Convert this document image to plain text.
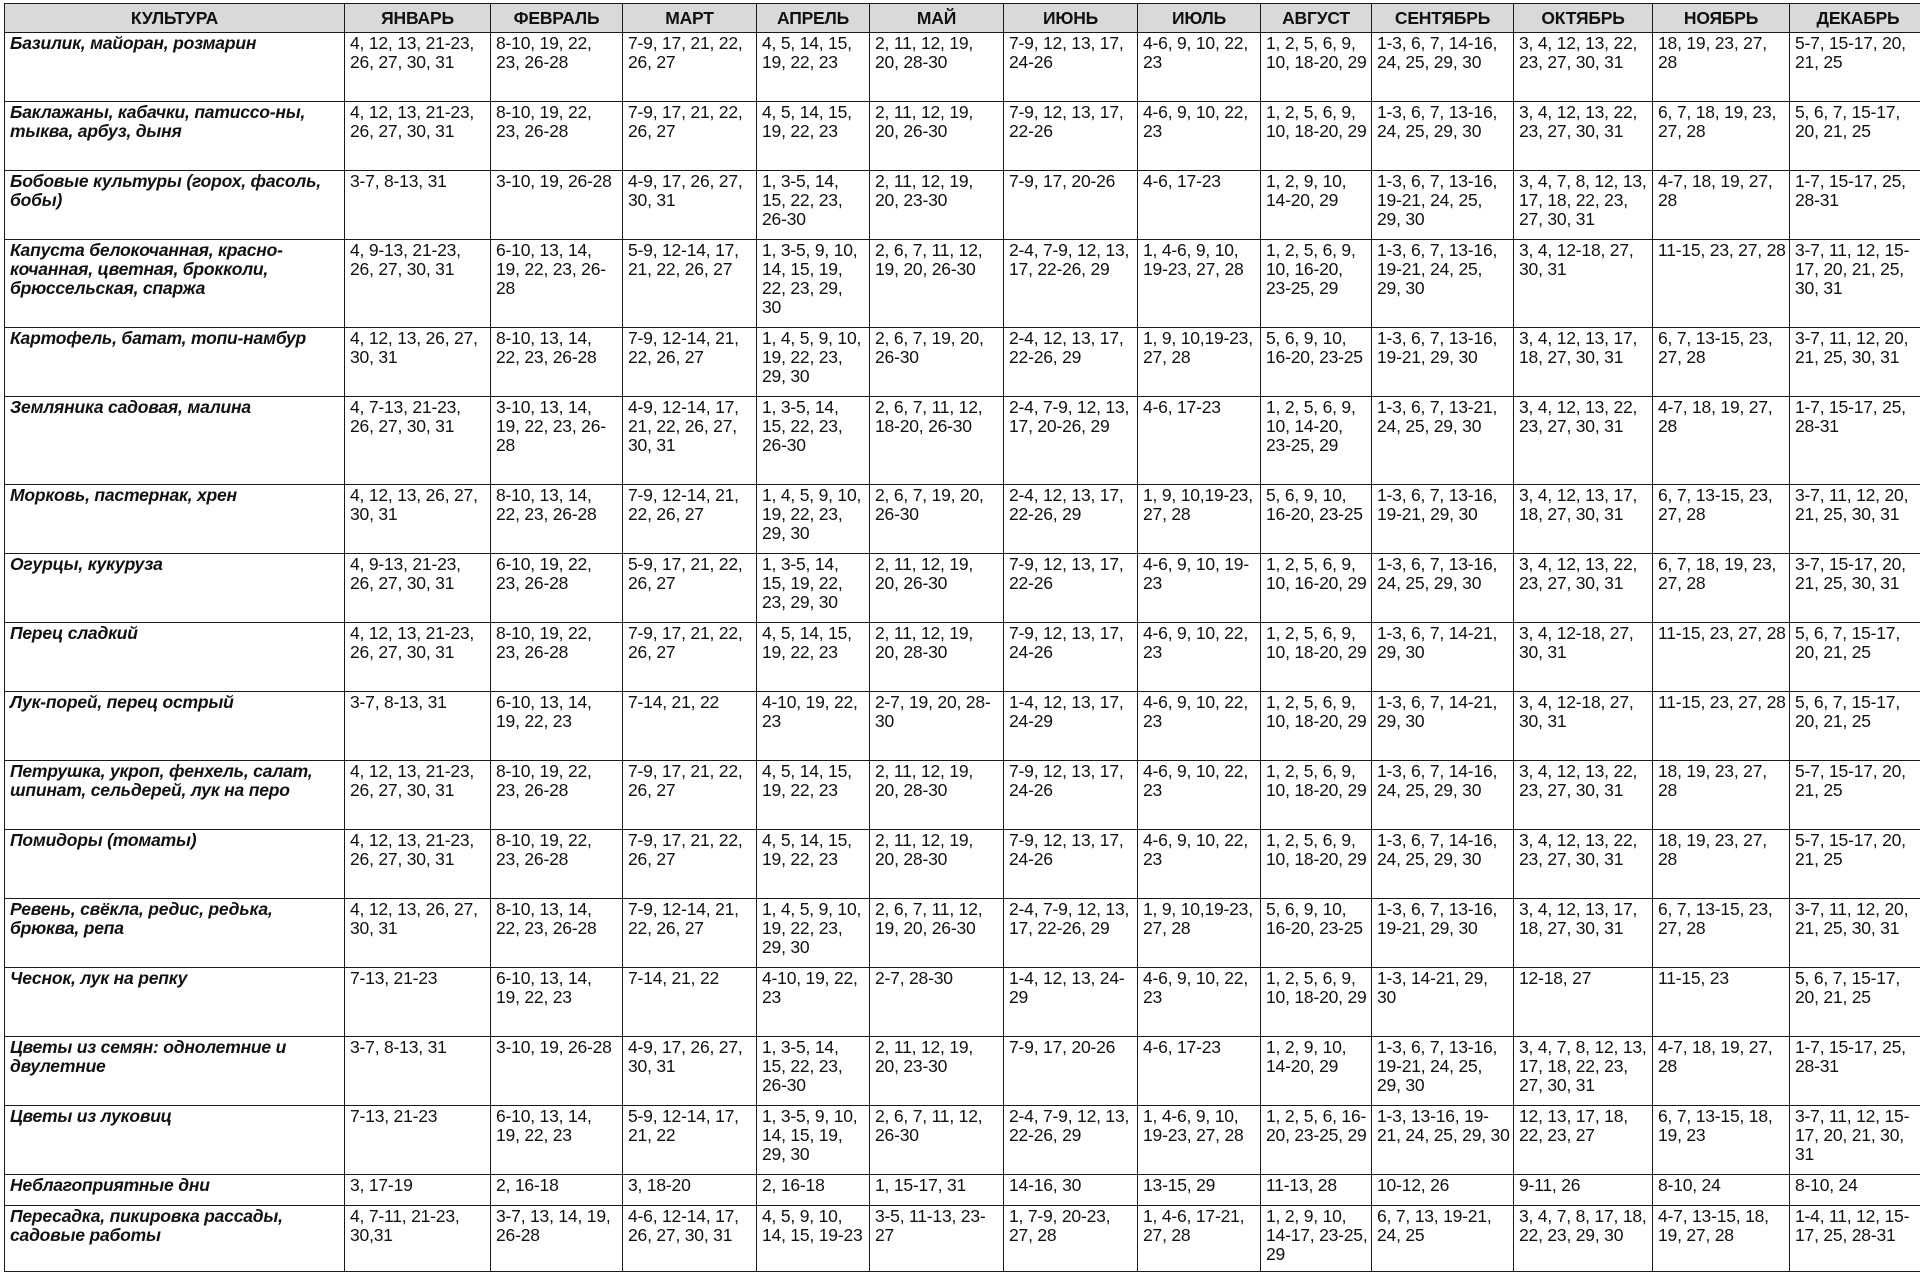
КУЛЬТУРА	ЯНВАРЬ	ФЕВРАЛЬ	МАРТ	АПРЕЛЬ	МАЙ	ИЮНЬ	ИЮЛЬ	АВГУСТ	СЕНТЯБРЬ	ОКТЯБРЬ	НОЯБРЬ	ДЕКАБРЬ
Базилик, майоран, розмарин	4, 12, 13, 21-23, 26, 27, 30, 31	8-10, 19, 22, 23, 26-28	7-9, 17, 21, 22, 26, 27	4, 5, 14, 15, 19, 22, 23	2, 11, 12, 19, 20, 28-30	7-9, 12, 13, 17, 24-26	4-6, 9, 10, 22, 23	1, 2, 5, 6, 9, 10, 18-20, 29	1-3, 6, 7, 14-16, 24, 25, 29, 30	3, 4, 12, 13, 22, 23, 27, 30, 31	18, 19, 23, 27, 28	5-7, 15-17, 20, 21, 25
Баклажаны, кабачки, патиссо-ны, тыква, арбуз, дыня	4, 12, 13, 21-23, 26, 27, 30, 31	8-10, 19, 22, 23, 26-28	7-9, 17, 21, 22, 26, 27	4, 5, 14, 15, 19, 22, 23	2, 11, 12, 19, 20, 26-30	7-9, 12, 13, 17, 22-26	4-6, 9, 10, 22, 23	1, 2, 5, 6, 9, 10, 18-20, 29	1-3, 6, 7, 13-16, 24, 25, 29, 30	3, 4, 12, 13, 22, 23, 27, 30, 31	6, 7, 18, 19, 23, 27, 28	5, 6, 7, 15-17, 20, 21, 25
Бобовые культуры (горох, фасоль, бобы)	3-7, 8-13, 31	3-10, 19, 26-28	4-9, 17, 26, 27, 30, 31	1, 3-5, 14, 15, 22, 23, 26-30	2, 11, 12, 19, 20, 23-30	7-9, 17, 20-26	4-6, 17-23	1, 2, 9, 10, 14-20, 29	1-3, 6, 7, 13-16, 19-21, 24, 25, 29, 30	3, 4, 7, 8, 12, 13, 17, 18, 22, 23, 27, 30, 31	4-7, 18, 19, 27, 28	1-7, 15-17, 25, 28-31
Капуста белокочанная, красно-кочанная, цветная, брокколи, брюссельская, спаржа	4, 9-13, 21-23, 26, 27, 30, 31	6-10, 13, 14, 19, 22, 23, 26-28	5-9, 12-14, 17, 21, 22, 26, 27	1, 3-5, 9, 10, 14, 15, 19, 22, 23, 29, 30	2, 6, 7, 11, 12, 19, 20, 26-30	2-4, 7-9, 12, 13, 17, 22-26, 29	1, 4-6, 9, 10, 19-23, 27, 28	1, 2, 5, 6, 9, 10, 16-20, 23-25, 29	1-3, 6, 7, 13-16, 19-21, 24, 25, 29, 30	3, 4, 12-18, 27, 30, 31	11-15, 23, 27, 28	3-7, 11, 12, 15-17, 20, 21, 25, 30, 31
Картофель, батат, топи-намбур	4, 12, 13, 26, 27, 30, 31	8-10, 13, 14, 22, 23, 26-28	7-9, 12-14, 21, 22, 26, 27	1, 4, 5, 9, 10, 19, 22, 23, 29, 30	2, 6, 7, 19, 20, 26-30	2-4, 12, 13, 17, 22-26, 29	1, 9, 10,19-23, 27, 28	5, 6, 9, 10, 16-20, 23-25	1-3, 6, 7, 13-16, 19-21, 29, 30	3, 4, 12, 13, 17, 18, 27, 30, 31	6, 7, 13-15, 23, 27, 28	3-7, 11, 12, 20, 21, 25, 30, 31
Земляника садовая, малина	4, 7-13, 21-23, 26, 27, 30, 31	3-10, 13, 14, 19, 22, 23, 26-28	4-9, 12-14, 17, 21, 22, 26, 27, 30, 31	1, 3-5, 14, 15, 22, 23, 26-30	2, 6, 7, 11, 12, 18-20, 26-30	2-4, 7-9, 12, 13, 17, 20-26, 29	4-6, 17-23	1, 2, 5, 6, 9, 10, 14-20, 23-25, 29	1-3, 6, 7, 13-21, 24, 25, 29, 30	3, 4, 12, 13, 22, 23, 27, 30, 31	4-7, 18, 19, 27, 28	1-7, 15-17, 25, 28-31
Морковь, пастернак, хрен	4, 12, 13, 26, 27, 30, 31	8-10, 13, 14, 22, 23, 26-28	7-9, 12-14, 21, 22, 26, 27	1, 4, 5, 9, 10, 19, 22, 23, 29, 30	2, 6, 7, 19, 20, 26-30	2-4, 12, 13, 17, 22-26, 29	1, 9, 10,19-23, 27, 28	5, 6, 9, 10, 16-20, 23-25	1-3, 6, 7, 13-16, 19-21, 29, 30	3, 4, 12, 13, 17, 18, 27, 30, 31	6, 7, 13-15, 23, 27, 28	3-7, 11, 12, 20, 21, 25, 30, 31
Огурцы, кукуруза	4, 9-13, 21-23, 26, 27, 30, 31	6-10, 19, 22, 23, 26-28	5-9, 17, 21, 22, 26, 27	1, 3-5, 14, 15, 19, 22, 23, 29, 30	2, 11, 12, 19, 20, 26-30	7-9, 12, 13, 17, 22-26	4-6, 9, 10, 19-23	1, 2, 5, 6, 9, 10, 16-20, 29	1-3, 6, 7, 13-16, 24, 25, 29, 30	3, 4, 12, 13, 22, 23, 27, 30, 31	6, 7, 18, 19, 23, 27, 28	3-7, 15-17, 20, 21, 25, 30, 31
Перец сладкий	4, 12, 13, 21-23, 26, 27, 30, 31	8-10, 19, 22, 23, 26-28	7-9, 17, 21, 22, 26, 27	4, 5, 14, 15, 19, 22, 23	2, 11, 12, 19, 20, 28-30	7-9, 12, 13, 17, 24-26	4-6, 9, 10, 22, 23	1, 2, 5, 6, 9, 10, 18-20, 29	1-3, 6, 7, 14-21, 29, 30	3, 4, 12-18, 27, 30, 31	11-15, 23, 27, 28	5, 6, 7, 15-17, 20, 21, 25
Лук-порей, перец острый	3-7, 8-13, 31	6-10, 13, 14, 19, 22, 23	7-14, 21, 22	4-10, 19, 22, 23	2-7, 19, 20, 28-30	1-4, 12, 13, 17, 24-29	4-6, 9, 10, 22, 23	1, 2, 5, 6, 9, 10, 18-20, 29	1-3, 6, 7, 14-21, 29, 30	3, 4, 12-18, 27, 30, 31	11-15, 23, 27, 28	5, 6, 7, 15-17, 20, 21, 25
Петрушка, укроп, фенхель, салат, шпинат, сельдерей, лук на перо	4, 12, 13, 21-23, 26, 27, 30, 31	8-10, 19, 22, 23, 26-28	7-9, 17, 21, 22, 26, 27	4, 5, 14, 15, 19, 22, 23	2, 11, 12, 19, 20, 28-30	7-9, 12, 13, 17, 24-26	4-6, 9, 10, 22, 23	1, 2, 5, 6, 9, 10, 18-20, 29	1-3, 6, 7, 14-16, 24, 25, 29, 30	3, 4, 12, 13, 22, 23, 27, 30, 31	18, 19, 23, 27, 28	5-7, 15-17, 20, 21, 25
Помидоры (томаты)	4, 12, 13, 21-23, 26, 27, 30, 31	8-10, 19, 22, 23, 26-28	7-9, 17, 21, 22, 26, 27	4, 5, 14, 15, 19, 22, 23	2, 11, 12, 19, 20, 28-30	7-9, 12, 13, 17, 24-26	4-6, 9, 10, 22, 23	1, 2, 5, 6, 9, 10, 18-20, 29	1-3, 6, 7, 14-16, 24, 25, 29, 30	3, 4, 12, 13, 22, 23, 27, 30, 31	18, 19, 23, 27, 28	5-7, 15-17, 20, 21, 25
Ревень, свёкла, редис, редька, брюква, репа	4, 12, 13, 26, 27, 30, 31	8-10, 13, 14, 22, 23, 26-28	7-9, 12-14, 21, 22, 26, 27	1, 4, 5, 9, 10, 19, 22, 23, 29, 30	2, 6, 7, 11, 12, 19, 20, 26-30	2-4, 7-9, 12, 13, 17, 22-26, 29	1, 9, 10,19-23, 27, 28	5, 6, 9, 10, 16-20, 23-25	1-3, 6, 7, 13-16, 19-21, 29, 30	3, 4, 12, 13, 17, 18, 27, 30, 31	6, 7, 13-15, 23, 27, 28	3-7, 11, 12, 20, 21, 25, 30, 31
Чеснок, лук на репку	7-13, 21-23	6-10, 13, 14, 19, 22, 23	7-14, 21, 22	4-10, 19, 22, 23	2-7, 28-30	1-4, 12, 13, 24-29	4-6, 9, 10, 22, 23	1, 2, 5, 6, 9, 10, 18-20, 29	1-3, 14-21, 29, 30	12-18, 27	11-15, 23	5, 6, 7, 15-17, 20, 21, 25
Цветы из семян: однолетние и двулетние	3-7, 8-13, 31	3-10, 19, 26-28	4-9, 17, 26, 27, 30, 31	1, 3-5, 14, 15, 22, 23, 26-30	2, 11, 12, 19, 20, 23-30	7-9, 17, 20-26	4-6, 17-23	1, 2, 9, 10, 14-20, 29	1-3, 6, 7, 13-16, 19-21, 24, 25, 29, 30	3, 4, 7, 8, 12, 13, 17, 18, 22, 23, 27, 30, 31	4-7, 18, 19, 27, 28	1-7, 15-17, 25, 28-31
Цветы из луковиц	7-13, 21-23	6-10, 13, 14, 19, 22, 23	5-9, 12-14, 17, 21, 22	1, 3-5, 9, 10, 14, 15, 19, 29, 30	2, 6, 7, 11, 12, 26-30	2-4, 7-9, 12, 13, 22-26, 29	1, 4-6, 9, 10, 19-23, 27, 28	1, 2, 5, 6, 16-20, 23-25, 29	1-3, 13-16, 19-21, 24, 25, 29, 30	12, 13, 17, 18, 22, 23, 27	6, 7, 13-15, 18, 19, 23	3-7, 11, 12, 15-17, 20, 21, 30, 31
Неблагоприятные дни	3, 17-19	2, 16-18	3, 18-20	2, 16-18	1, 15-17, 31	14-16, 30	13-15, 29	11-13, 28	10-12, 26	9-11, 26	8-10, 24	8-10, 24
Пересадка, пикировка рассады, садовые работы	4, 7-11, 21-23, 30,31	3-7, 13, 14, 19, 26-28	4-6, 12-14, 17, 26, 27, 30, 31	4, 5, 9, 10, 14, 15, 19-23	3-5, 11-13, 23-27	1, 7-9, 20-23, 27, 28	1, 4-6, 17-21, 27, 28	1, 2, 9, 10, 14-17, 23-25, 29	6, 7, 13, 19-21, 24, 25	3, 4, 7, 8, 17, 18, 22, 23, 29, 30	4-7, 13-15, 18, 19, 27, 28	1-4, 11, 12, 15-17, 25, 28-31
